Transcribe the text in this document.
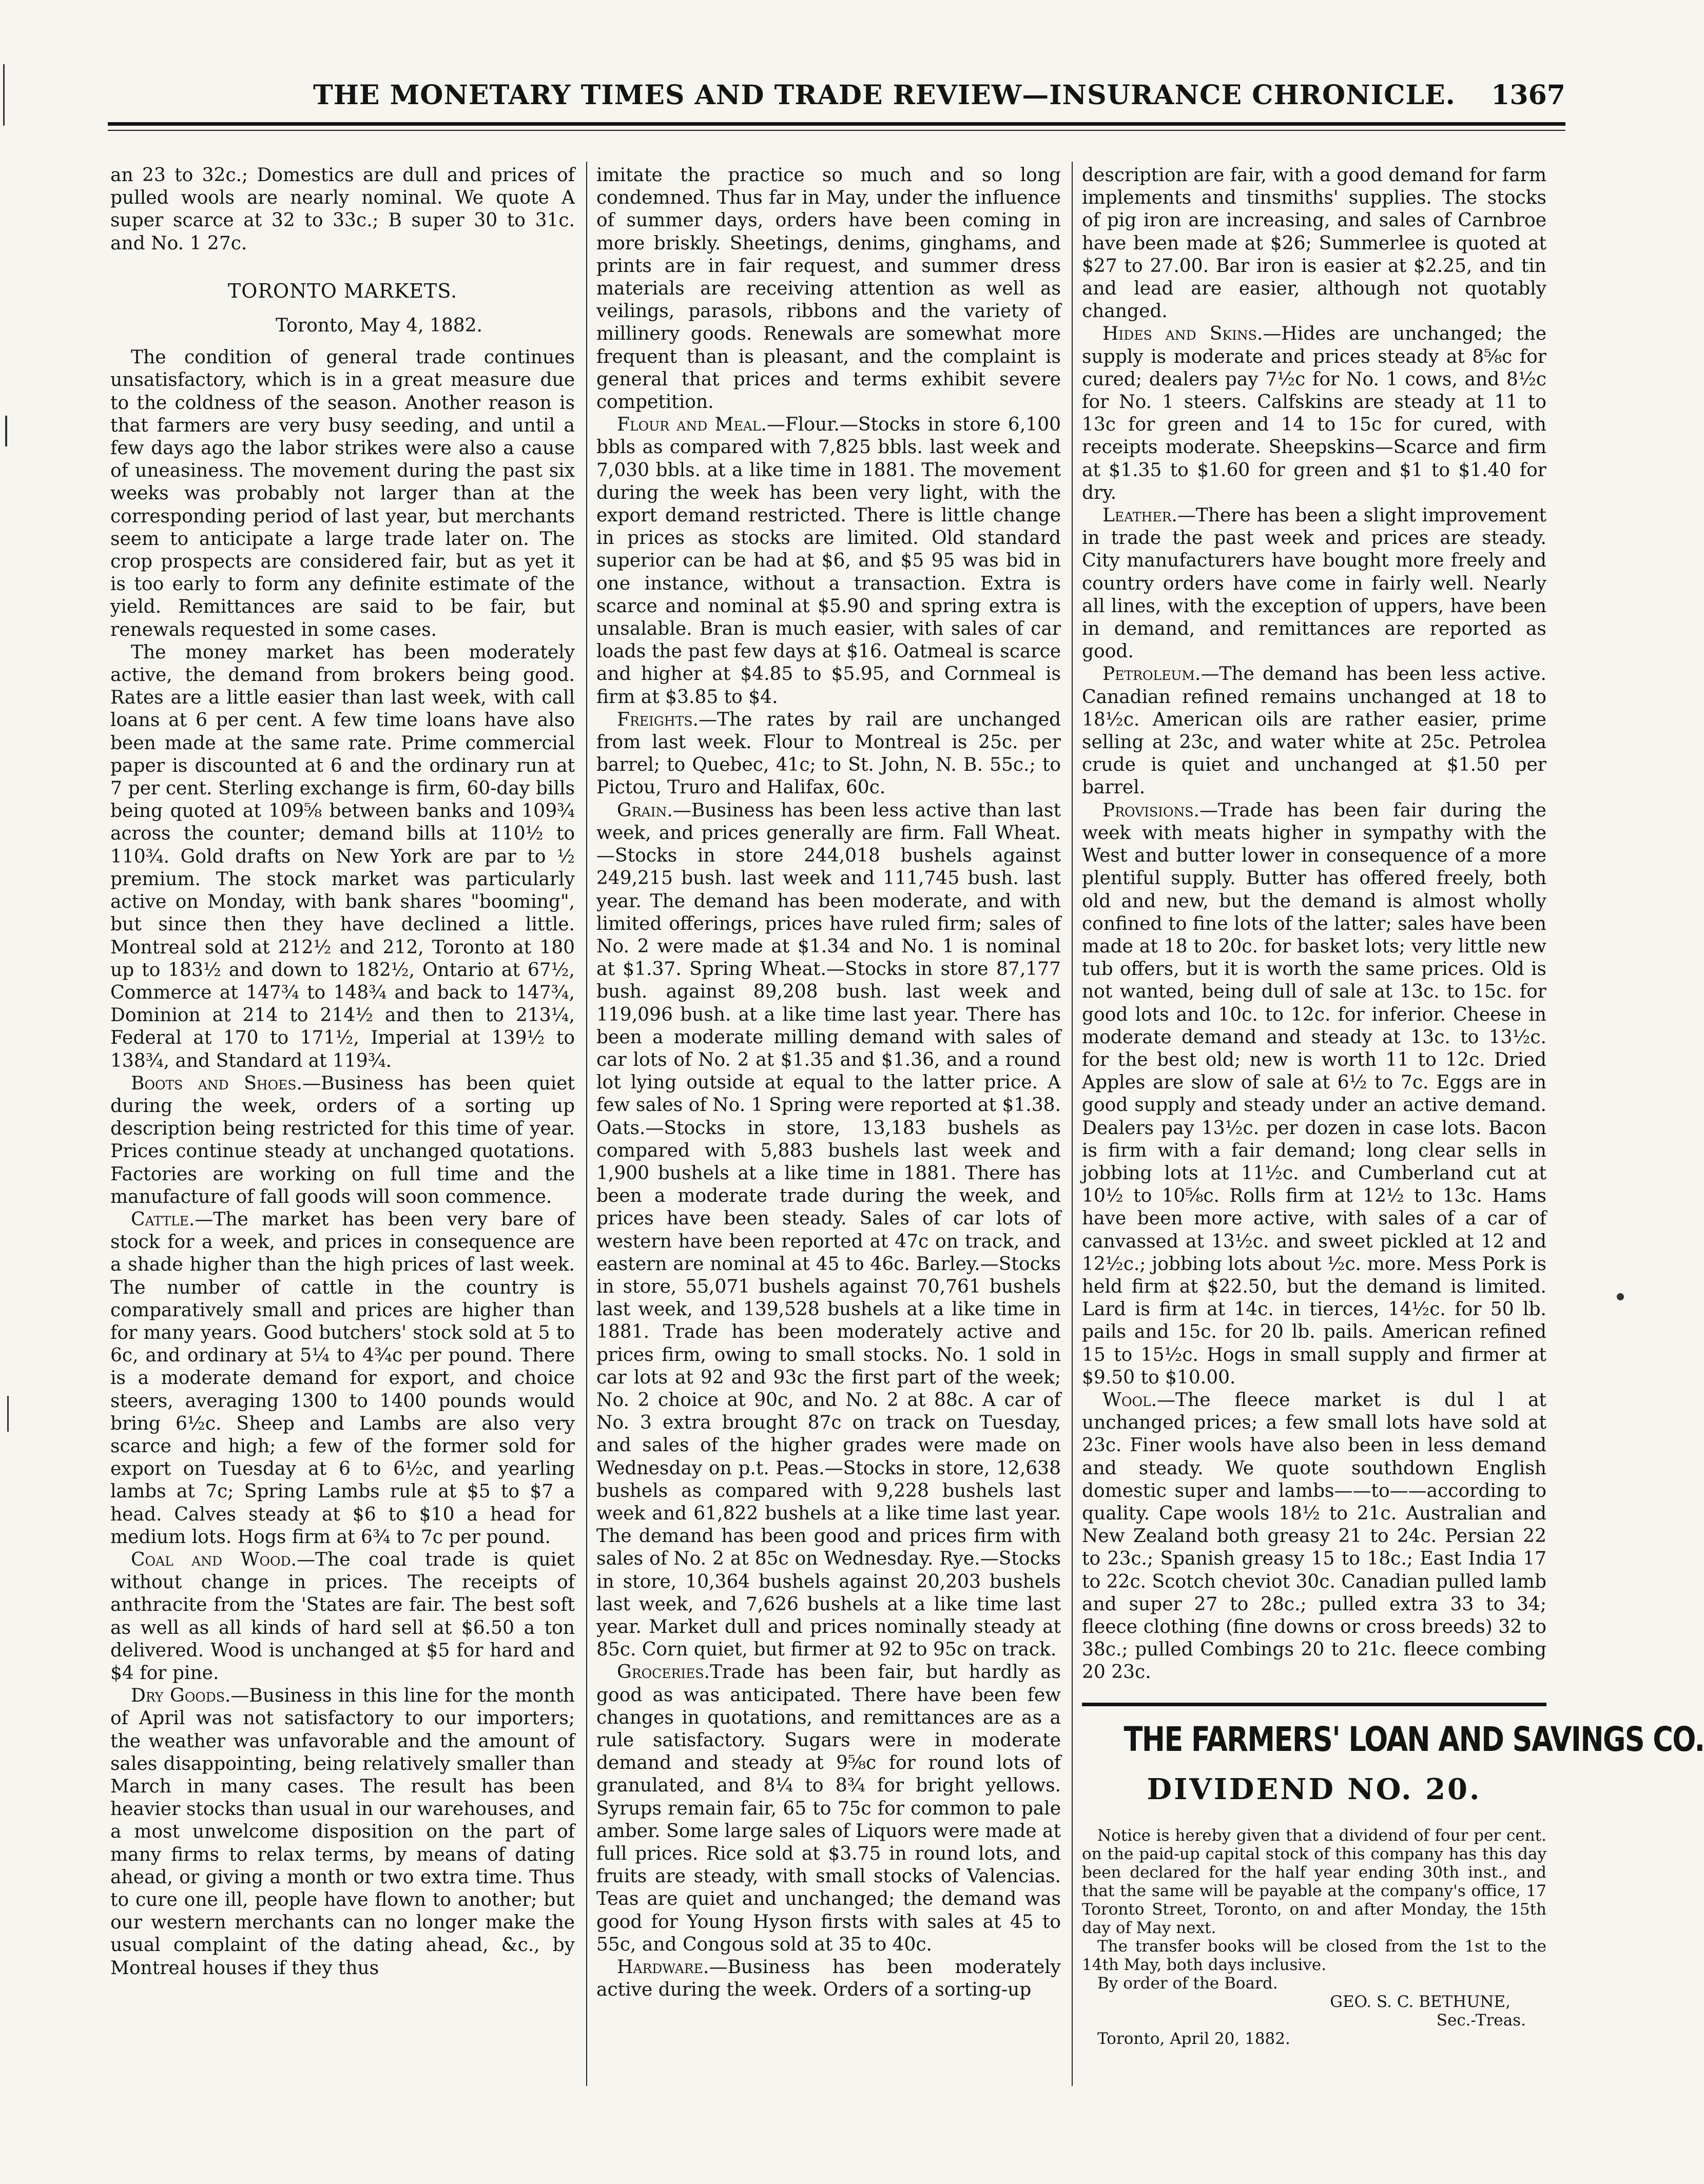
THE MONETARY TIMES AND TRADE REVIEW—INSURANCE CHRONICLE. 1367

an 23 to 32c.; Domestics are dull and prices of pulled wools are nearly nominal. We quote A super scarce at 32 to 33c.; B super 30 to 31c. and No. 1 27c.

TORONTO MARKETS.
Toronto, May 4, 1882.

The condition of general trade continues unsatisfactory, which is in a great measure due to the coldness of the season. Another reason is that farmers are very busy seeding, and until a few days ago the labor strikes were also a cause of uneasiness. The movement during the past six weeks was probably not larger than at the corresponding period of last year, but merchants seem to anticipate a large trade later on. The crop prospects are considered fair, but as yet it is too early to form any definite estimate of the yield. Remittances are said to be fair, but renewals requested in some cases.

The money market has been moderately active, the demand from brokers being good. Rates are a little easier than last week, with call loans at 6 per cent. A few time loans have also been made at the same rate. Prime commercial paper is discounted at 6 and the ordinary run at 7 per cent. Sterling exchange is firm, 60-day bills being quoted at 109⅝ between banks and 109¾ across the counter; demand bills at 110½ to 110¾. Gold drafts on New York are par to ½ premium. The stock market was particularly active on Monday, with bank shares "booming", but since then they have declined a little. Montreal sold at 212½ and 212, Toronto at 180 up to 183½ and down to 182½, Ontario at 67½, Commerce at 147¾ to 148¾ and back to 147¾, Dominion at 214 to 214½ and then to 213¼, Federal at 170 to 171½, Imperial at 139½ to 138¾, and Standard at 119¾.

Boots and Shoes.—Business has been quiet during the week, orders of a sorting up description being restricted for this time of year. Prices continue steady at unchanged quotations. Factories are working on full time and the manufacture of fall goods will soon commence.

Cattle.—The market has been very bare of stock for a week, and prices in consequence are a shade higher than the high prices of last week. The number of cattle in the country is comparatively small and prices are higher than for many years. Good butchers' stock sold at 5 to 6c, and ordinary at 5¼ to 4¾c per pound. There is a moderate demand for export, and choice steers, averaging 1300 to 1400 pounds would bring 6½c. Sheep and Lambs are also very scarce and high; a few of the former sold for export on Tuesday at 6 to 6½c, and yearling lambs at 7c; Spring Lambs rule at $5 to $7 a head. Calves steady at $6 to $10 a head for medium lots. Hogs firm at 6¾ to 7c per pound.

Coal and Wood.—The coal trade is quiet without change in prices. The receipts of anthracite from the 'States are fair. The best soft as well as all kinds of hard sell at $6.50 a ton delivered. Wood is unchanged at $5 for hard and $4 for pine.

Dry Goods.—Business in this line for the month of April was not satisfactory to our importers; the weather was unfavorable and the amount of sales disappointing, being relatively smaller than March in many cases. The result has been heavier stocks than usual in our warehouses, and a most unwelcome disposition on the part of many firms to relax terms, by means of dating ahead, or giving a month or two extra time. Thus to cure one ill, people have flown to another; but our western merchants can no longer make the usual complaint of the dating ahead, &c., by Montreal houses if they thus

imitate the practice so much and so long condemned. Thus far in May, under the influence of summer days, orders have been coming in more briskly. Sheetings, denims, ginghams, and prints are in fair request, and summer dress materials are receiving attention as well as veilings, parasols, ribbons and the variety of millinery goods. Renewals are somewhat more frequent than is pleasant, and the complaint is general that prices and terms exhibit severe competition.

Flour and Meal.—Flour.—Stocks in store 6,100 bbls as compared with 7,825 bbls. last week and 7,030 bbls. at a like time in 1881. The movement during the week has been very light, with the export demand restricted. There is little change in prices as stocks are limited. Old standard superior can be had at $6, and $5 95 was bid in one instance, without a transaction. Extra is scarce and nominal at $5.90 and spring extra is unsalable. Bran is much easier, with sales of car loads the past few days at $16. Oatmeal is scarce and higher at $4.85 to $5.95, and Cornmeal is firm at $3.85 to $4.

Freights.—The rates by rail are unchanged from last week. Flour to Montreal is 25c. per barrel; to Quebec, 41c; to St. John, N. B. 55c.; to Pictou, Truro and Halifax, 60c.

Grain.—Business has been less active than last week, and prices generally are firm. Fall Wheat.—Stocks in store 244,018 bushels against 249,215 bush. last week and 111,745 bush. last year. The demand has been moderate, and with limited offerings, prices have ruled firm; sales of No. 2 were made at $1.34 and No. 1 is nominal at $1.37. Spring Wheat.—Stocks in store 87,177 bush. against 89,208 bush. last week and 119,096 bush. at a like time last year. There has been a moderate milling demand with sales of car lots of No. 2 at $1.35 and $1.36, and a round lot lying outside at equal to the latter price. A few sales of No. 1 Spring were reported at $1.38. Oats.—Stocks in store, 13,183 bushels as compared with 5,883 bushels last week and 1,900 bushels at a like time in 1881. There has been a moderate trade during the week, and prices have been steady. Sales of car lots of western have been reported at 47c on track, and eastern are nominal at 45 to 46c. Barley.—Stocks in store, 55,071 bushels against 70,761 bushels last week, and 139,528 bushels at a like time in 1881. Trade has been moderately active and prices firm, owing to small stocks. No. 1 sold in car lots at 92 and 93c the first part of the week; No. 2 choice at 90c, and No. 2 at 88c. A car of No. 3 extra brought 87c on track on Tuesday, and sales of the higher grades were made on Wednesday on p.t. Peas.—Stocks in store, 12,638 bushels as compared with 9,228 bushels last week and 61,822 bushels at a like time last year. The demand has been good and prices firm with sales of No. 2 at 85c on Wednesday. Rye.—Stocks in store, 10,364 bushels against 20,203 bushels last week, and 7,626 bushels at a like time last year. Market dull and prices nominally steady at 85c. Corn quiet, but firmer at 92 to 95c on track.

Groceries.Trade has been fair, but hardly as good as was anticipated. There have been few changes in quotations, and remittances are as a rule satisfactory. Sugars were in moderate demand and steady at 9⅝c for round lots of granulated, and 8¼ to 8¾ for bright yellows. Syrups remain fair, 65 to 75c for common to pale amber. Some large sales of Liquors were made at full prices. Rice sold at $3.75 in round lots, and fruits are steady, with small stocks of Valencias. Teas are quiet and unchanged; the demand was good for Young Hyson firsts with sales at 45 to 55c, and Congous sold at 35 to 40c.

Hardware.—Business has been moderately active during the week. Orders of a sorting-up

description are fair, with a good demand for farm implements and tinsmiths' supplies. The stocks of pig iron are increasing, and sales of Carnbroe have been made at $26; Summerlee is quoted at $27 to 27.00. Bar iron is easier at $2.25, and tin and lead are easier, although not quotably changed.

Hides and Skins.—Hides are unchanged; the supply is moderate and prices steady at 8⅝c for cured; dealers pay 7½c for No. 1 cows, and 8½c for No. 1 steers. Calfskins are steady at 11 to 13c for green and 14 to 15c for cured, with receipts moderate. Sheepskins—Scarce and firm at $1.35 to $1.60 for green and $1 to $1.40 for dry.

Leather.—There has been a slight improvement in trade the past week and prices are steady. City manufacturers have bought more freely and country orders have come in fairly well. Nearly all lines, with the exception of uppers, have been in demand, and remittances are reported as good.

Petroleum.—The demand has been less active. Canadian refined remains unchanged at 18 to 18½c. American oils are rather easier, prime selling at 23c, and water white at 25c. Petrolea crude is quiet and unchanged at $1.50 per barrel.

Provisions.—Trade has been fair during the week with meats higher in sympathy with the West and butter lower in consequence of a more plentiful supply. Butter has offered freely, both old and new, but the demand is almost wholly confined to fine lots of the latter; sales have been made at 18 to 20c. for basket lots; very little new tub offers, but it is worth the same prices. Old is not wanted, being dull of sale at 13c. to 15c. for good lots and 10c. to 12c. for inferior. Cheese in moderate demand and steady at 13c. to 13½c. for the best old; new is worth 11 to 12c. Dried Apples are slow of sale at 6½ to 7c. Eggs are in good supply and steady under an active demand. Dealers pay 13½c. per dozen in case lots. Bacon is firm with a fair demand; long clear sells in jobbing lots at 11½c. and Cumberland cut at 10½ to 10⅝c. Rolls firm at 12½ to 13c. Hams have been more active, with sales of a car of canvassed at 13½c. and sweet pickled at 12 and 12½c.; jobbing lots about ½c. more. Mess Pork is held firm at $22.50, but the demand is limited. Lard is firm at 14c. in tierces, 14½c. for 50 lb. pails and 15c. for 20 lb. pails. American refined 15 to 15½c. Hogs in small supply and firmer at $9.50 to $10.00.

Wool.—The fleece market is dul l at unchanged prices; a few small lots have sold at 23c. Finer wools have also been in less demand and steady. We quote southdown English domestic super and lambs——to——according to quality. Cape wools 18½ to 21c. Australian and New Zealand both greasy 21 to 24c. Persian 22 to 23c.; Spanish greasy 15 to 18c.; East India 17 to 22c. Scotch cheviot 30c. Canadian pulled lamb and super 27 to 28c.; pulled extra 33 to 34; fleece clothing (fine downs or cross breeds) 32 to 38c.; pulled Combings 20 to 21c. fleece combing 20 23c.

THE FARMERS' LOAN AND SAVINGS CO.
DIVIDEND NO. 20.

Notice is hereby given that a dividend of four per cent. on the paid-up capital stock of this company has this day been declared for the half year ending 30th inst., and that the same will be payable at the company's office, 17 Toronto Street, Toronto, on and after Monday, the 15th day of May next.

The transfer books will be closed from the 1st to the 14th May, both days inclusive.

By order of the Board.

GEO. S. C. BETHUNE,
Sec.-Treas.

Toronto, April 20, 1882.
